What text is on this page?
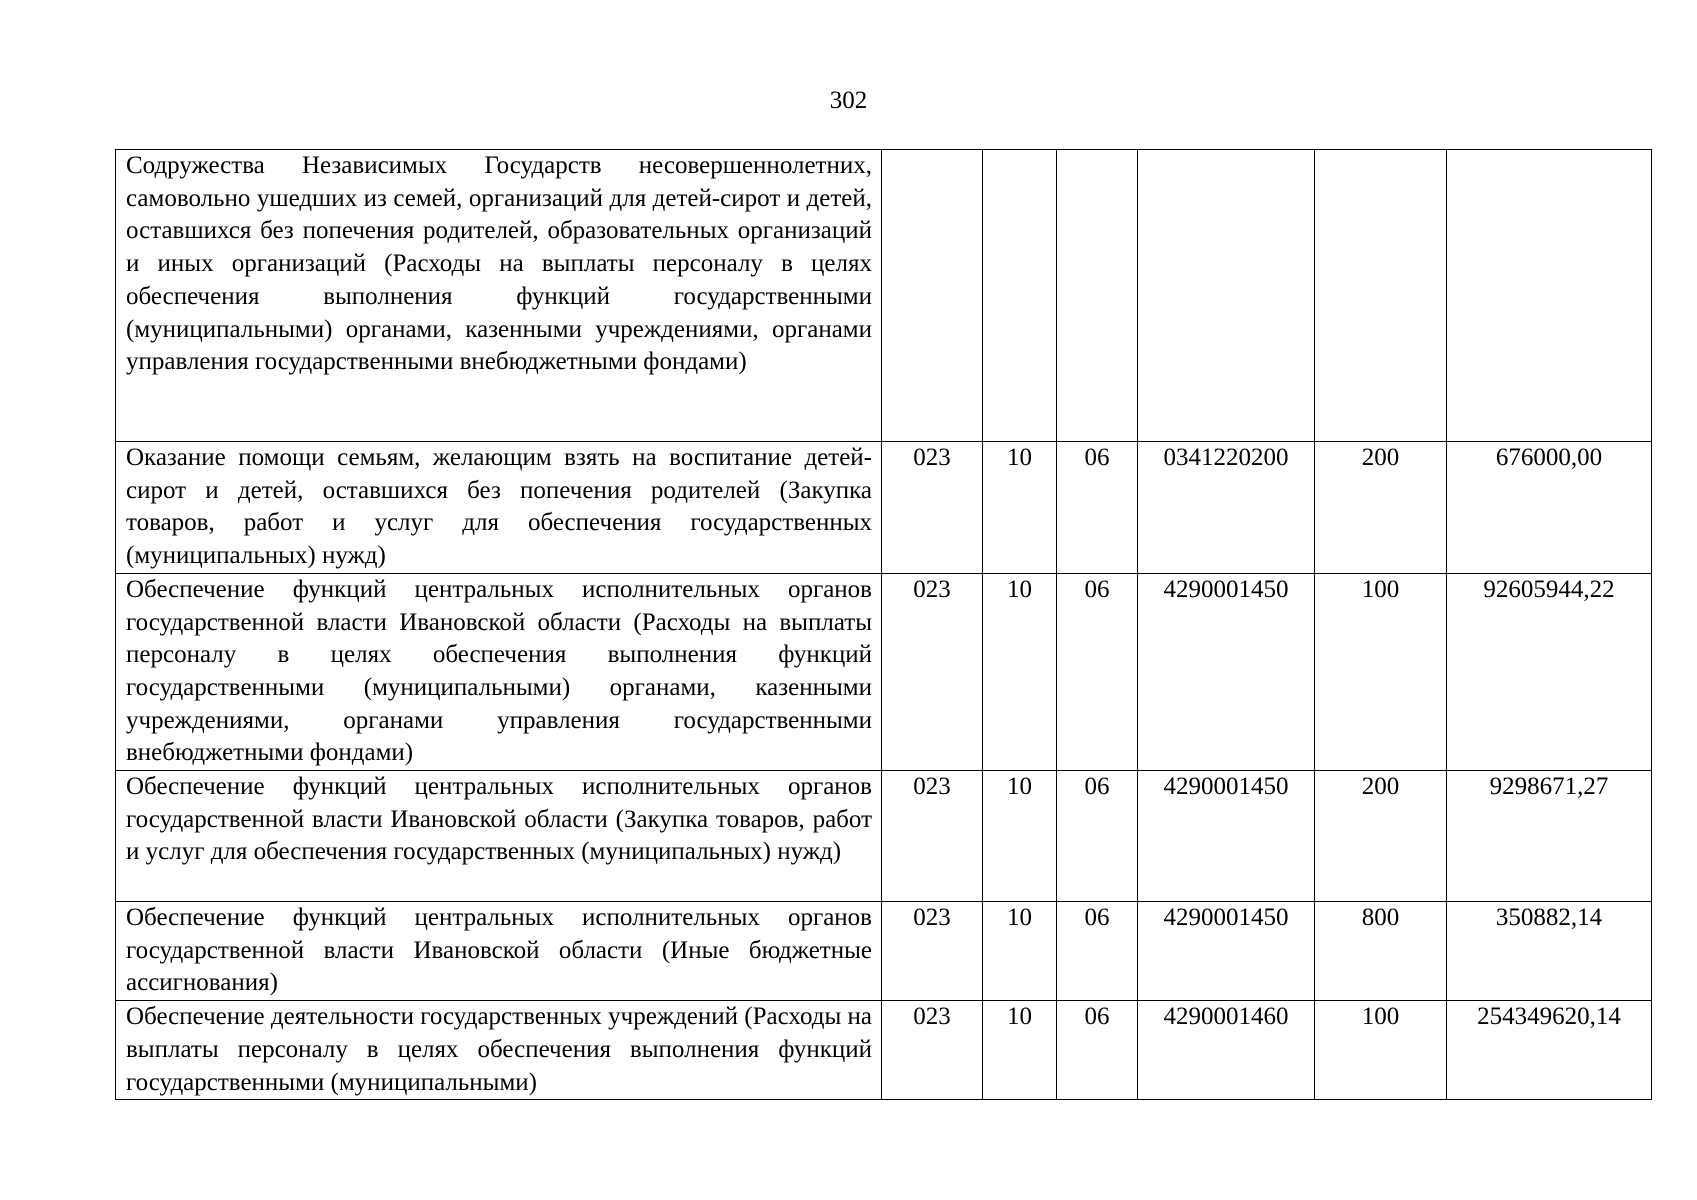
302
Содружества Независимых Государств несовершеннолетних, самовольно ушедших из семей, организаций для детей-сирот и детей, оставшихся без попечения родителей, образовательных организаций и иных организаций (Расходы на выплаты персоналу в целях обеспечения выполнения функций государственными (муниципальными) органами, казенными учреждениями, органами управления государственными внебюджетными фондами)						
Оказание помощи семьям, желающим взять на воспитание детей-сирот и детей, оставшихся без попечения родителей (Закупка товаров, работ и услуг для обеспечения государственных (муниципальных) нужд)	023	10	06	0341220200	200	676000,00
Обеспечение функций центральных исполнительных органов государственной власти Ивановской области (Расходы на выплаты персоналу в целях обеспечения выполнения функций государственными (муниципальными) органами, казенными учреждениями, органами управления государственными внебюджетными фондами)	023	10	06	4290001450	100	92605944,22
Обеспечение функций центральных исполнительных органов государственной власти Ивановской области (Закупка товаров, работ и услуг для обеспечения государственных (муниципальных) нужд)	023	10	06	4290001450	200	9298671,27
Обеспечение функций центральных исполнительных органов государственной власти Ивановской области (Иные бюджетные ассигнования)	023	10	06	4290001450	800	350882,14
Обеспечение деятельности государственных учреждений (Расходы на выплаты персоналу в целях обеспечения выполнения функций государственными (муниципальными)	023	10	06	4290001460	100	254349620,14
